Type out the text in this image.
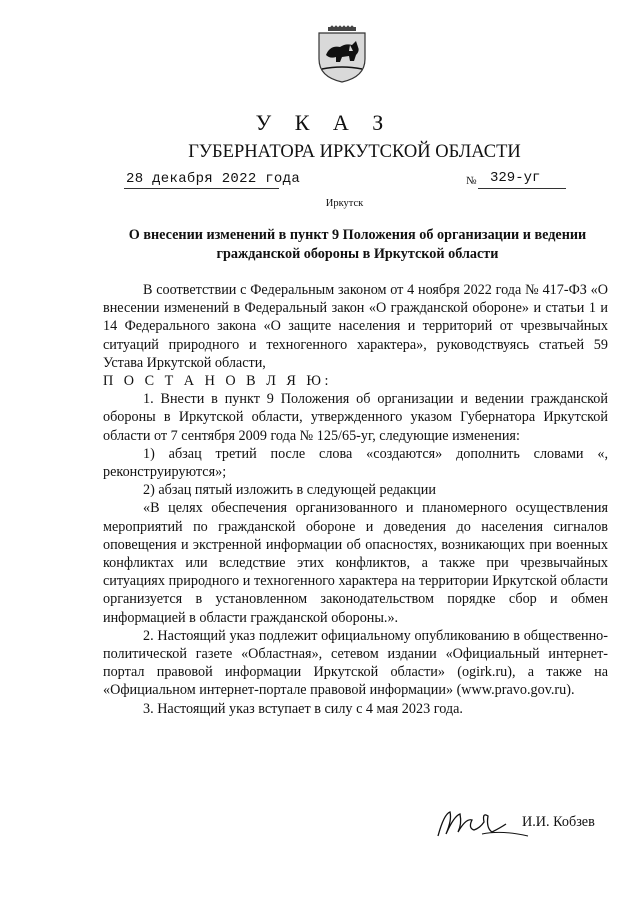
У К А З
ГУБЕРНАТОРА ИРКУТСКОЙ ОБЛАСТИ
28 декабря 2022 года	№ 329-уг
Иркутск
О внесении изменений в пункт 9 Положения об организации и ведении гражданской обороны в Иркутской области

В соответствии с Федеральным законом от 4 ноября 2022 года № 417-ФЗ «О внесении изменений в Федеральный закон «О гражданской обороне» и статьи 1 и 14 Федерального закона «О защите населения и территорий от чрезвычайных ситуаций природного и техногенного характера», руководствуясь статьей 59 Устава Иркутской области,

П О С Т А Н О В Л Я Ю:

1. Внести в пункт 9 Положения об организации и ведении гражданской обороны в Иркутской области, утвержденного указом Губернатора Иркутской области от 7 сентября 2009 года № 125/65-уг, следующие изменения:

1) абзац третий после слова «создаются» дополнить словами «, реконструируются»;

2) абзац пятый изложить в следующей редакции

«В целях обеспечения организованного и планомерного осуществления мероприятий по гражданской обороне и доведения до населения сигналов оповещения и экстренной информации об опасностях, возникающих при военных конфликтах или вследствие этих конфликтов, а также при чрезвычайных ситуациях природного и техногенного характера на территории Иркутской области организуется в установленном законодательством порядке сбор и обмен информацией в области гражданской обороны.».

2. Настоящий указ подлежит официальному опубликованию в общественно-политической газете «Областная», сетевом издании «Официальный интернет-портал правовой информации Иркутской области» (ogirk.ru), а также на «Официальном интернет-портале правовой информации» (www.pravo.gov.ru).

3. Настоящий указ вступает в силу с 4 мая 2023 года.

И.И. Кобзев
